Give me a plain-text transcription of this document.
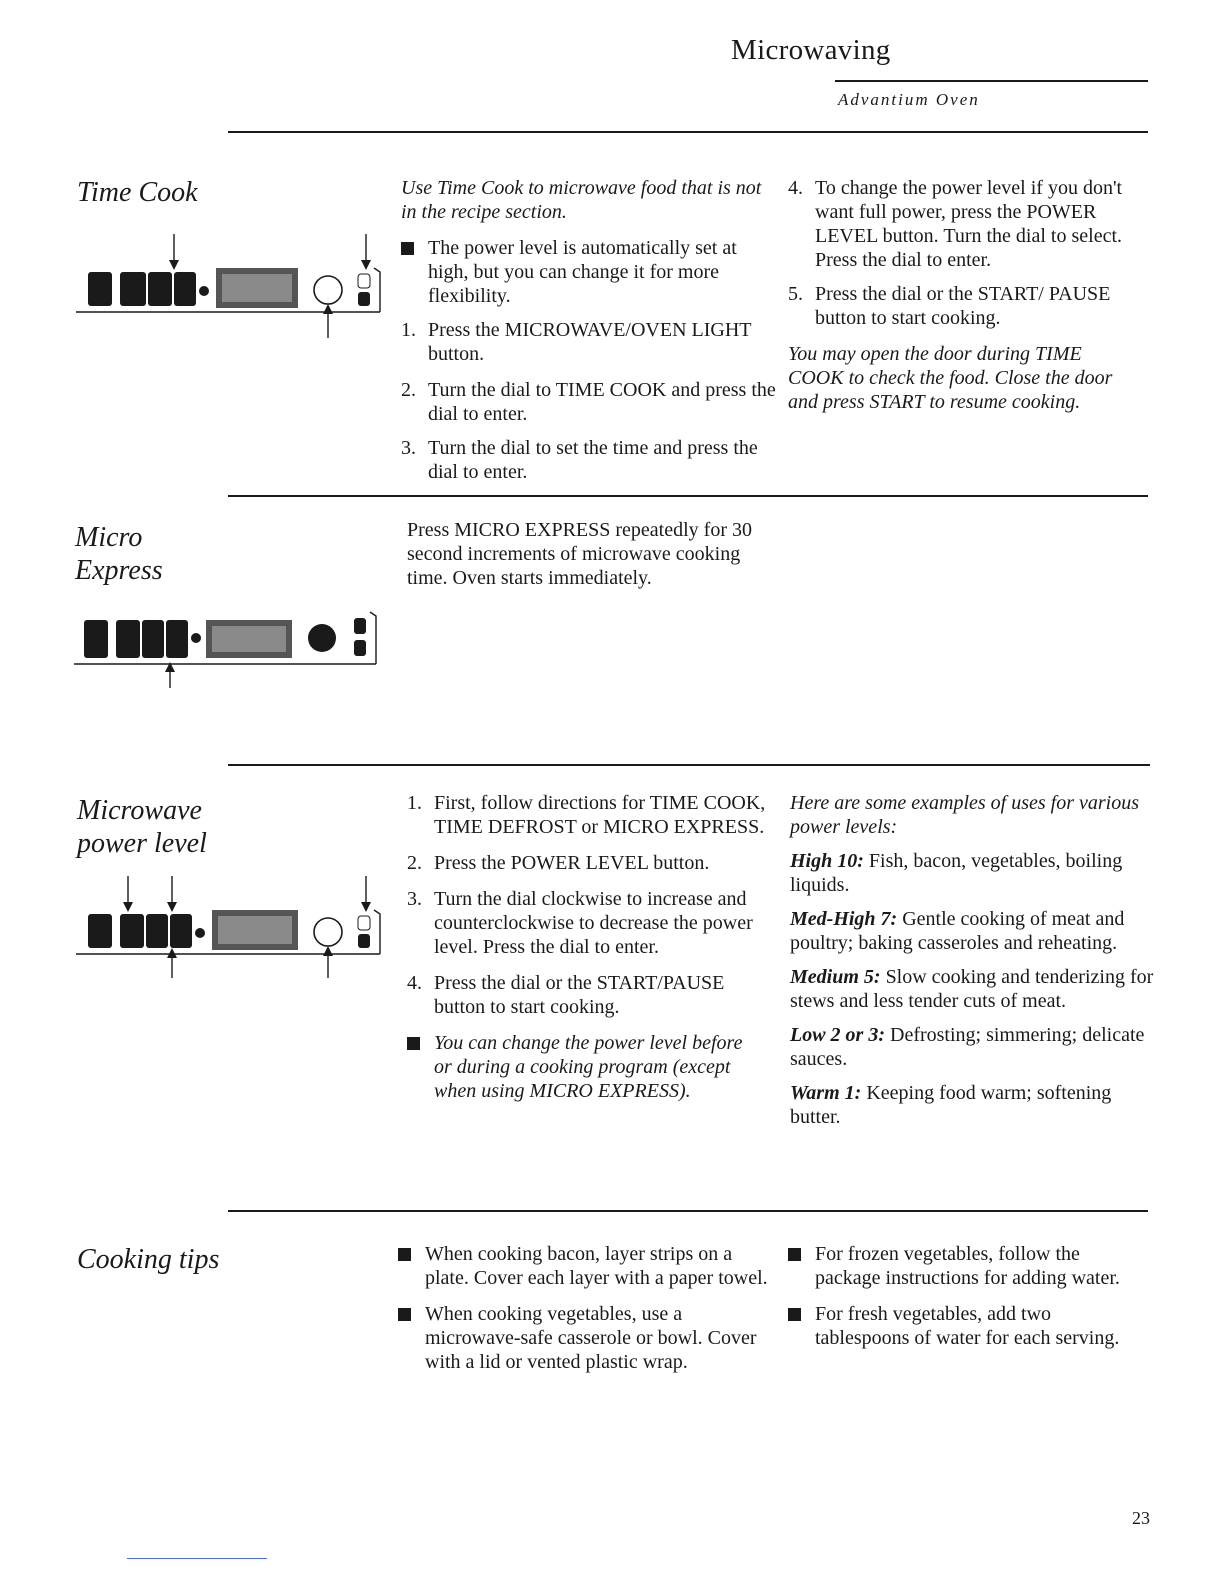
Microwaving
Advantium Oven
Time Cook	Use Time Cook to microwave food that is not in the recipe section.

The power level is automatically set at high, but you can change it for more flexibility.
1. Press the MICROWAVE/OVEN LIGHT button.
2. Turn the dial to TIME COOK and press the dial to enter.
3. Turn the dial to set the time and press the dial to enter.
4. To change the power level if you don't want full power, press the POWER LEVEL button. Turn the dial to select. Press the dial to enter.
5. Press the dial or the START/ PAUSE button to start cooking.

You may open the door during TIME COOK to check the food. Close the door and press START to resume cooking.

Micro
Express

Press MICRO EXPRESS repeatedly for 30 second increments of microwave cooking time. Oven starts immediately.

Microwave
power level
1. First, follow directions for TIME COOK, TIME DEFROST or MICRO EXPRESS.
2. Press the POWER LEVEL button.
3. Turn the dial clockwise to increase and counterclockwise to decrease the power level. Press the dial to enter.
4. Press the dial or the START/PAUSE button to start cooking.
You can change the power level before or during a cooking program (except when using MICRO EXPRESS).

Here are some examples of uses for various power levels:

High 10: Fish, bacon, vegetables, boiling liquids.

Med-High 7: Gentle cooking of meat and poultry; baking casseroles and reheating.

Medium 5: Slow cooking and tenderizing for stews and less tender cuts of meat.

Low 2 or 3: Defrosting; simmering; delicate sauces.

Warm 1: Keeping food warm; softening butter.

Cooking tips	When cooking bacon, layer strips on a plate. Cover each layer with a paper towel.
When cooking vegetables, use a microwave-safe casserole or bowl. Cover with a lid or vented plastic wrap.
For frozen vegetables, follow the package instructions for adding water.
For fresh vegetables, add two tablespoons of water for each serving.
23
